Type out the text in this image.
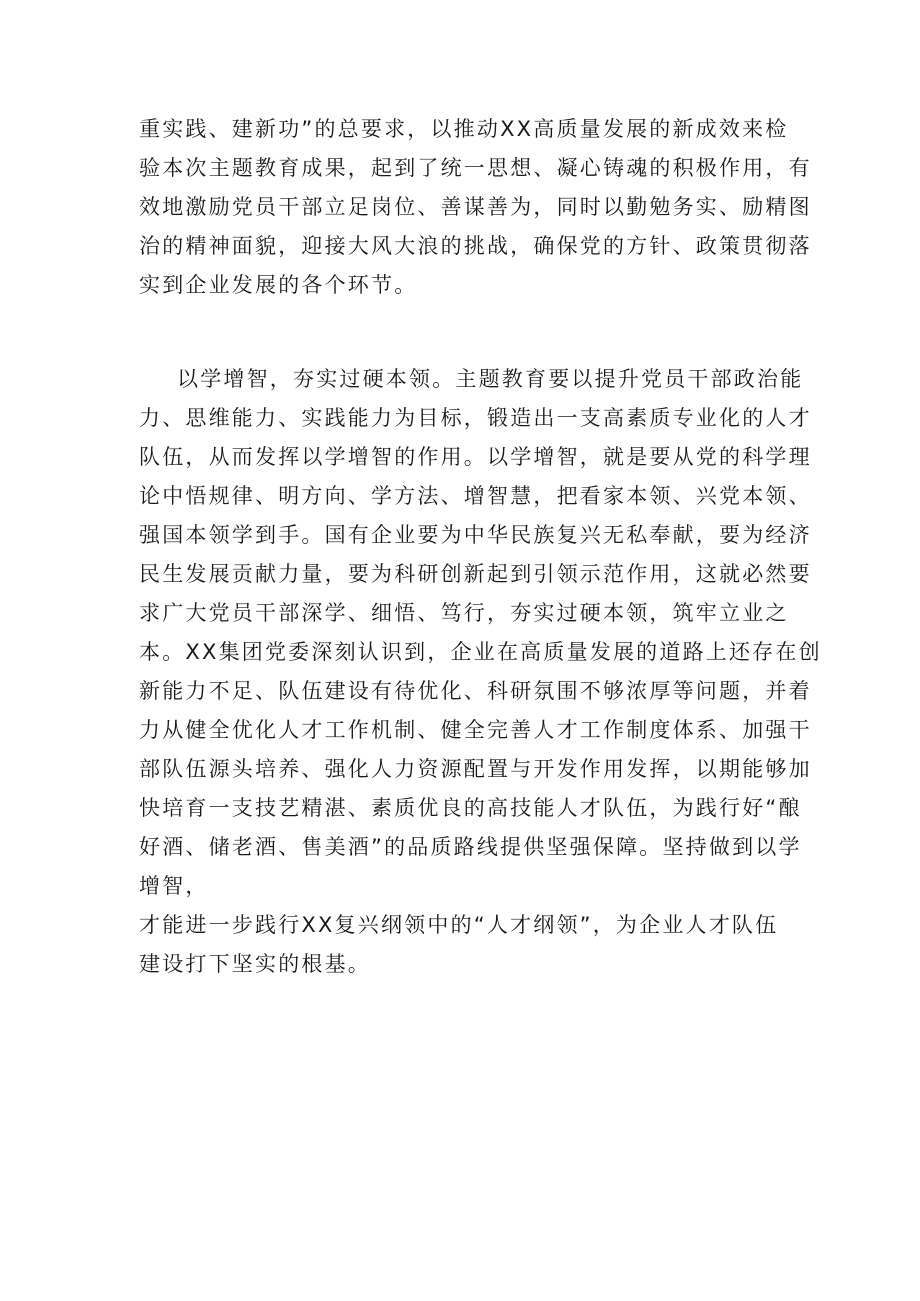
重实践、建新功”的总要求，以推动XX高质量发展的新成效来检
验本次主题教育成果，起到了统一思想、凝心铸魂的积极作用，有
效地激励党员干部立足岗位、善谋善为，同时以勤勉务实、励精图
治的精神面貌，迎接大风大浪的挑战，确保党的方针、政策贯彻落
实到企业发展的各个环节。
以学增智，夯实过硬本领。主题教育要以提升党员干部政治能
力、思维能力、实践能力为目标，锻造出一支高素质专业化的人才
队伍，从而发挥以学增智的作用。以学增智，就是要从党的科学理
论中悟规律、明方向、学方法、增智慧，把看家本领、兴党本领、
强国本领学到手。国有企业要为中华民族复兴无私奉献，要为经济
民生发展贡献力量，要为科研创新起到引领示范作用，这就必然要
求广大党员干部深学、细悟、笃行，夯实过硬本领，筑牢立业之
本。XX集团党委深刻认识到，企业在高质量发展的道路上还存在创
新能力不足、队伍建设有待优化、科研氛围不够浓厚等问题，并着
力从健全优化人才工作机制、健全完善人才工作制度体系、加强干
部队伍源头培养、强化人力资源配置与开发作用发挥，以期能够加
快培育一支技艺精湛、素质优良的高技能人才队伍，为践行好“酿
好酒、储老酒、售美酒”的品质路线提供坚强保障。坚持做到以学
增智，
才能进一步践行XX复兴纲领中的“人才纲领”，为企业人才队伍
建设打下坚实的根基。
